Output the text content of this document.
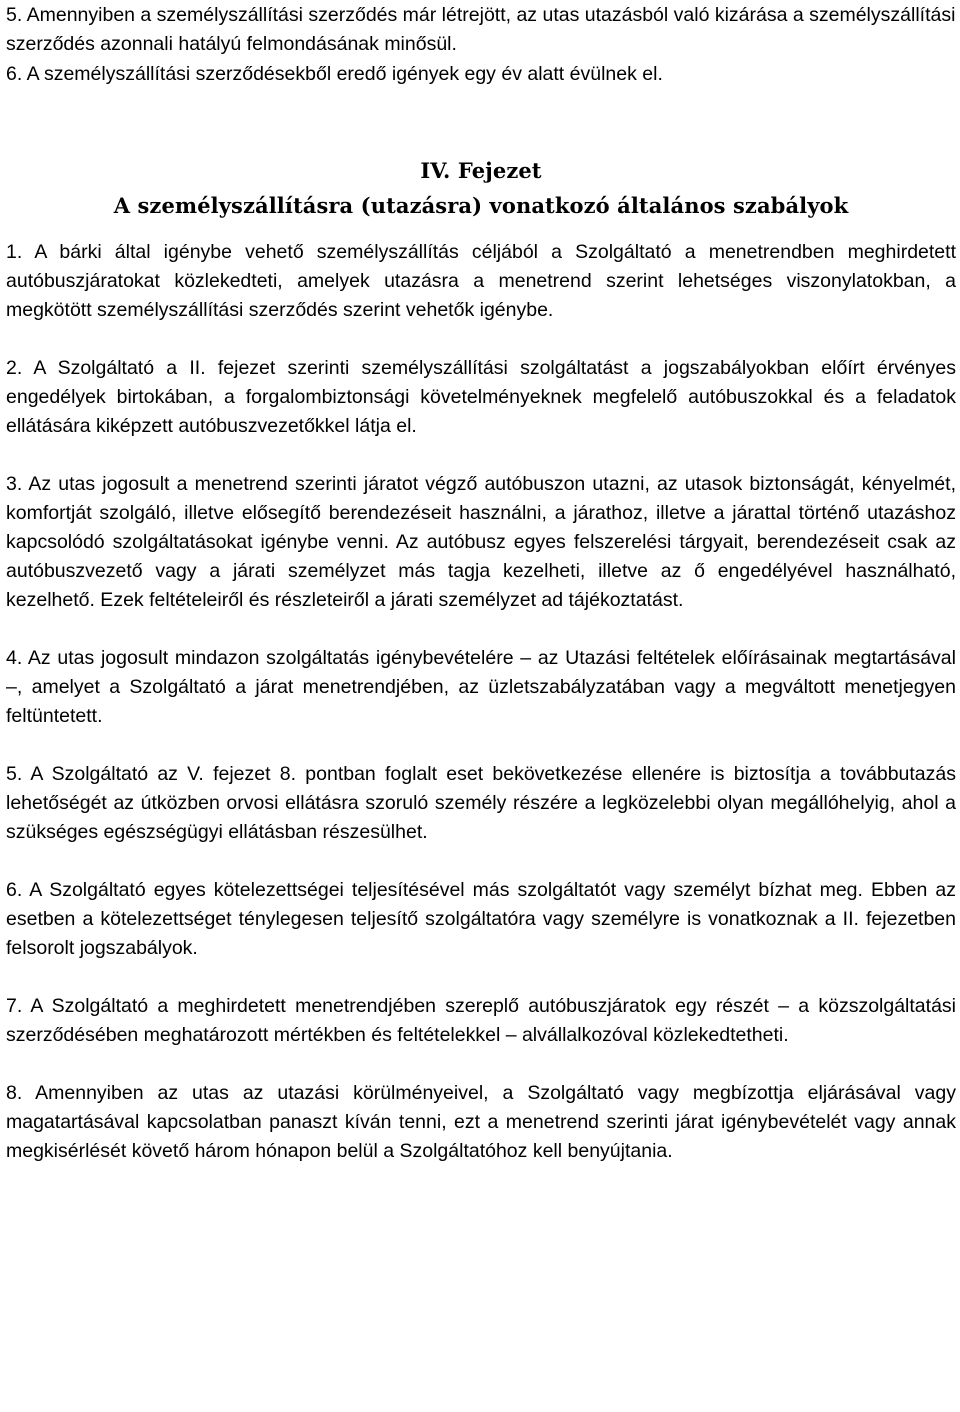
5. Amennyiben a személyszállítási szerződés már létrejött, az utas utazásból való kizárása a személyszállítási szerződés azonnali hatályú felmondásának minősül.

6. A személyszállítási szerződésekből eredő igények egy év alatt évülnek el.

IV. Fejezet
A személyszállításra (utazásra) vonatkozó általános szabályok

1. A bárki által igénybe vehető személyszállítás céljából a Szolgáltató a menetrendben meghirdetett autóbuszjáratokat közlekedteti, amelyek utazásra a menetrend szerint lehetséges viszonylatokban, a megkötött személyszállítási szerződés szerint vehetők igénybe.

2. A Szolgáltató a II. fejezet szerinti személyszállítási szolgáltatást a jogszabályokban előírt érvényes engedélyek birtokában, a forgalombiztonsági követelményeknek megfelelő autóbuszokkal és a feladatok ellátására kiképzett autóbuszvezetőkkel látja el.

3. Az utas jogosult a menetrend szerinti járatot végző autóbuszon utazni, az utasok biztonságát, kényelmét, komfortját szolgáló, illetve elősegítő berendezéseit használni, a járathoz, illetve a járattal történő utazáshoz kapcsolódó szolgáltatásokat igénybe venni. Az autóbusz egyes felszerelési tárgyait, berendezéseit csak az autóbuszvezető vagy a járati személyzet más tagja kezelheti, illetve az ő engedélyével használható, kezelhető. Ezek feltételeiről és részleteiről a járati személyzet ad tájékoztatást.

4. Az utas jogosult mindazon szolgáltatás igénybevételére – az Utazási feltételek előírásainak megtartásával –, amelyet a Szolgáltató a járat menetrendjében, az üzletszabályzatában vagy a megváltott menetjegyen feltüntetett.

5. A Szolgáltató az V. fejezet 8. pontban foglalt eset bekövetkezése ellenére is biztosítja a továbbutazás lehetőségét az útközben orvosi ellátásra szoruló személy részére a legközelebbi olyan megállóhelyig, ahol a szükséges egészségügyi ellátásban részesülhet.

6. A Szolgáltató egyes kötelezettségei teljesítésével más szolgáltatót vagy személyt bízhat meg. Ebben az esetben a kötelezettséget ténylegesen teljesítő szolgáltatóra vagy személyre is vonatkoznak a II. fejezetben felsorolt jogszabályok.

7. A Szolgáltató a meghirdetett menetrendjében szereplő autóbuszjáratok egy részét – a közszolgáltatási szerződésében meghatározott mértékben és feltételekkel – alvállalkozóval közlekedtetheti.

8. Amennyiben az utas az utazási körülményeivel, a Szolgáltató vagy megbízottja eljárásával vagy magatartásával kapcsolatban panaszt kíván tenni, ezt a menetrend szerinti járat igénybevételét vagy annak megkisérlését követő három hónapon belül a Szolgáltatóhoz kell benyújtania.
